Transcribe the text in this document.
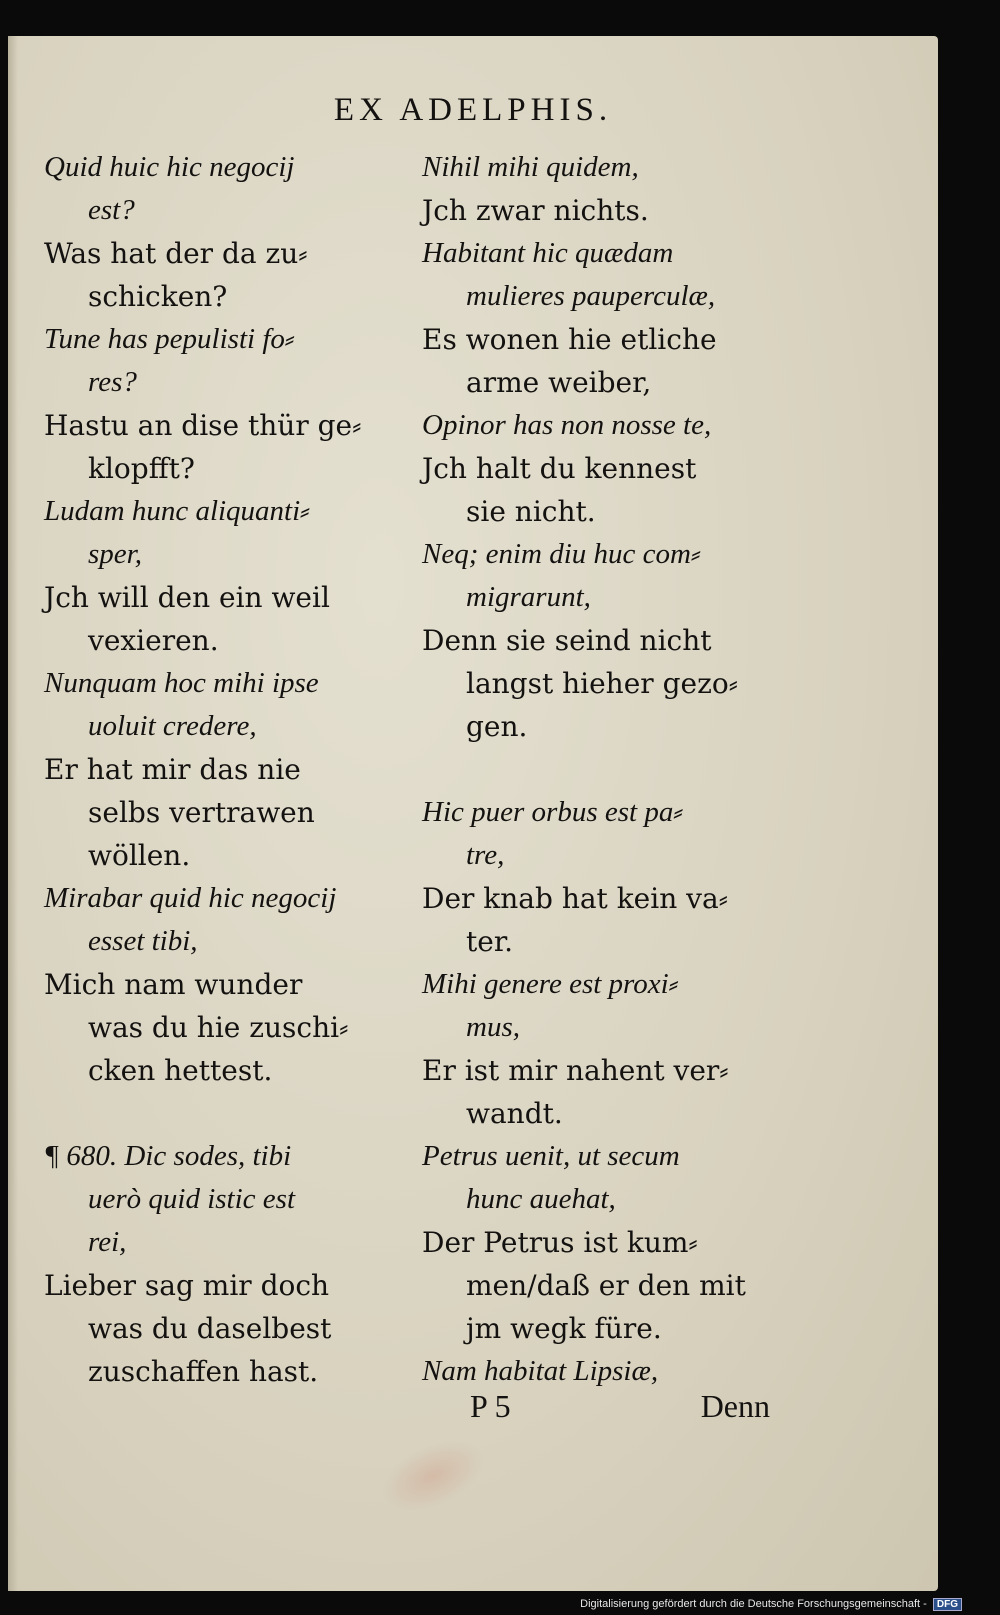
EX ADELPHIS.
Quid huic hic negocij
est?
Was hat der da zu⸗
schicken?
Tune has pepulisti fo⸗
res?
Hastu an dise thür ge⸗
klopfft?
Ludam hunc aliquanti⸗
sper,
Jch will den ein weil
vexieren.
Nunquam hoc mihi ipse
uoluit credere,
Er hat mir das nie
selbs vertrawen
wöllen.
Mirabar quid hic negocij
esset tibi,
Mich nam wunder
was du hie zuschi⸗
cken hettest.
¶ 680. Dic sodes, tibi
uerò quid istic est
rei,
Lieber sag mir doch
was du daselbest
zuschaffen hast.
Nihil mihi quidem,
Jch zwar nichts.
Habitant hic quædam
mulieres pauperculæ,
Es wonen hie etliche
arme weiber,
Opinor has non nosse te,
Jch halt du kennest
sie nicht.
Neq; enim diu huc com⸗
migrarunt,
Denn sie seind nicht
langst hieher gezo⸗
gen.
Hic puer orbus est pa⸗
tre,
Der knab hat kein va⸗
ter.
Mihi genere est proxi⸗
mus,
Er ist mir nahent ver⸗
wandt.
Petrus uenit, ut secum
hunc auehat,
Der Petrus ist kum⸗
men/daß er den mit
jm wegk füre.
Nam habitat Lipsiæ,
P 5	Denn
Digitalisierung gefördert durch die Deutsche Forschungsgemeinschaft - DFG
